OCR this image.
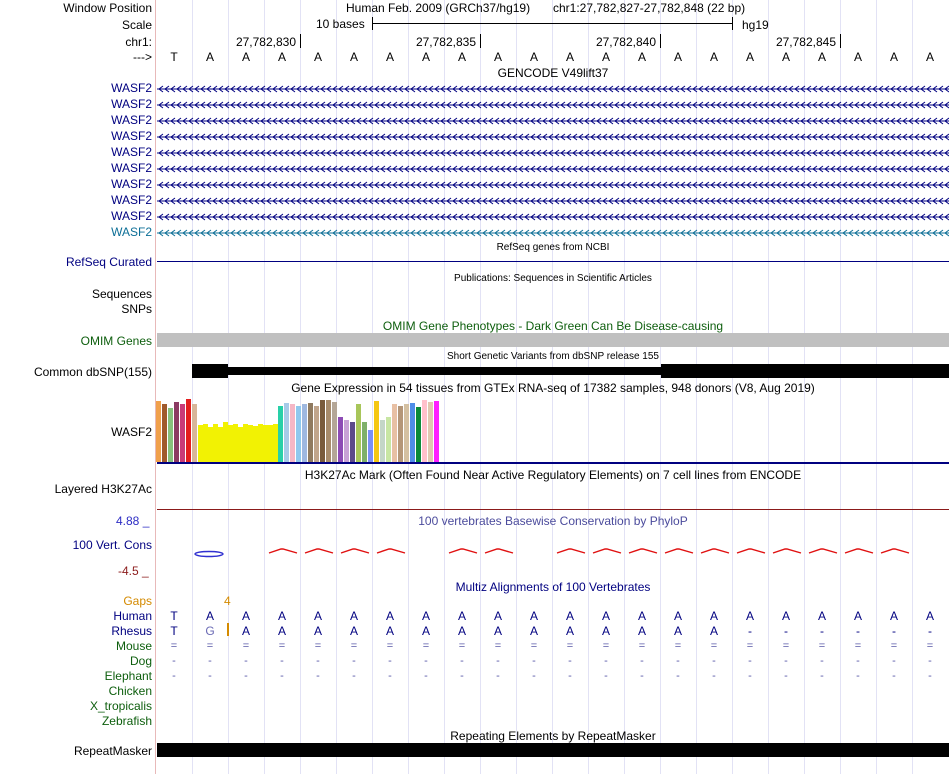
Window Position	Human Feb. 2009 (GRCh37/hg19) chr1:27,782,827-27,782,848 (22 bp)
Scale	10 bases	hg19
chr1:	27,782,830	27,782,835	27,782,840	27,782,845
--->	T	A	A	A	A	A	A	A	A	A	A	A	A	A	A	A	A	A	A	A	A	A
GENCODE V49lift37
WASF2
WASF2
WASF2
WASF2
WASF2
WASF2
WASF2
WASF2
WASF2
WASF2
RefSeq genes from NCBI
RefSeq Curated
Publications: Sequences in Scientific Articles
Sequences
SNPs
OMIM Gene Phenotypes - Dark Green Can Be Disease-causing
OMIM Genes
Short Genetic Variants from dbSNP release 155
Common dbSNP(155)
Gene Expression in 54 tissues from GTEx RNA-seq of 17382 samples, 948 donors (V8, Aug 2019)
WASF2
H3K27Ac Mark (Often Found Near Active Regulatory Elements) on 7 cell lines from ENCODE
Layered H3K27Ac
100 vertebrates Basewise Conservation by PhyloP
4.88 _
100 Vert. Cons
-4.5 _
Multiz Alignments of 100 Vertebrates
Gaps	4
Human	T	A	A	A	A	A	A	A	A	A	A	A	A	A	A	A	A	A	A	A	A	A
Rhesus	T	G	A	A	A	A	A	A	A	A	A	A	A	A	A	A	-	-	-	-	-	-
Mouse	=	=	=	=	=	=	=	=	=	=	=	=	=	=	=	=	=	=	=	=	=	=
Dog	-	-	-	-	-	-	-	-	-	-	-	-	-	-	-	-	-	-	-	-	-	-
Elephant	-	-	-	-	-	-	-	-	-	-	-	-	-	-	-	-	-	-	-	-	-	-
Chicken
X_tropicalis
Zebrafish
Repeating Elements by RepeatMasker
RepeatMasker
